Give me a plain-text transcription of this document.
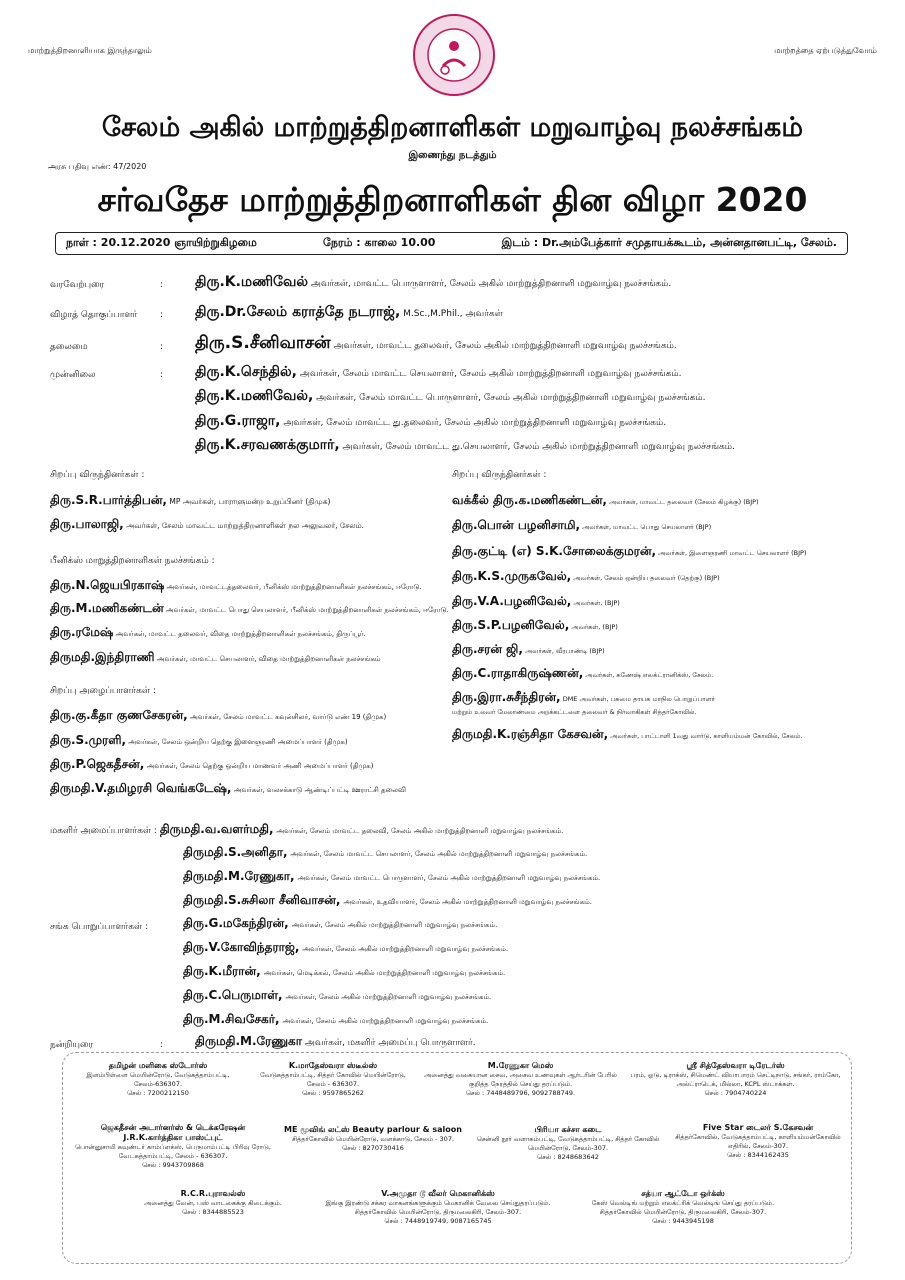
மாற்றுத்திறனாளியாக இருந்தாலும்	மாற்றத்தை ஏற்படுத்துவோம்
சேலம் அகில் மாற்றுத்திறனாளிகள் மறுவாழ்வு நலச்சங்கம்
இணைந்து நடத்தும்
அரசு பதிவு எண்: 47/2020
சர்வதேச மாற்றுத்திறனாளிகள் தின விழா 2020
நாள் : 20.12.2020 ஞாயிற்றுகிழமை	நேரம் : காலை 10.00	இடம் : Dr.அம்பேத்கார் சமுதாயக்கூடம், அன்னதானபட்டி, சேலம்.
வரவேற்புரை	: திரு.K.மணிவேல் அவர்கள், மாவட்ட பொருளாளர், சேலம் அகில் மாற்றுத்திறனாளி மறுவாழ்வு நலச்சங்கம்.
விழாத் தொகுப்பாளர்	: திரு.Dr.சேலம் கராத்தே நடராஜ், M.Sc.,M.Phil., அவர்கள்
தலைமை	: திரு.S.சீனிவாசன் அவர்கள், மாவட்ட தலைவர், சேலம் அகில் மாற்றுத்திறனாளி மறுவாழ்வு நலச்சங்கம்.
முன்னிலை	: திரு.K.செந்தில், அவர்கள், சேலம் மாவட்ட செயலாளர், சேலம் அகில் மாற்றுத்திறனாளி மறுவாழ்வு நலச்சங்கம்.
திரு.K.மணிவேல், அவர்கள், சேலம் மாவட்ட பொருளாளர், சேலம் அகில் மாற்றுத்திறனாளி மறுவாழ்வு நலச்சங்கம்.
திரு.G.ராஜா, அவர்கள், சேலம் மாவட்ட து.தலைவர், சேலம் அகில் மாற்றுத்திறனாளி மறுவாழ்வு நலச்சங்கம்.
திரு.K.சரவணக்குமார், அவர்கள், சேலம் மாவட்ட து.செயலாளர், சேலம் அகில் மாற்றுத்திறனாளி மறுவாழ்வு நலச்சங்கம்.
சிறப்பு விருந்தினர்கள் :
திரு.S.R.பார்த்திபன், MP அவர்கள், பாராளுமன்ற உறுப்பினர் (திமுக)
திரு.பாலாஜி, அவர்கள், சேலம் மாவட்ட மாற்றுத்திறனாளிகள் நல அலுவலர், சேலம்.
பீனிக்ஸ் மாறுத்திறனாளிகள் நலச்சங்கம் :
திரு.N.ஜெயபிரகாஷ் அவர்கள், மாவட்டத்தலைவர், பீனிக்ஸ் மாற்றுத்திறனாளிகள் நலச்சங்கம், ஈரோடு.
திரு.M.மணிகண்டன் அவர்கள், மாவட்ட பொது செயலாளர், பீனிக்ஸ் மாற்றுத்திறனாளிகள் நலச்சங்கம், ஈரோடு.
திரு.ரமேஷ் அவர்கள், மாவட்ட தலைவர், விதை மாற்றுத்திறனாளிகள் நலச்சங்கம், திருப்பூர்.
திருமதி.இந்திராணி அவர்கள், மாவட்ட செயலாளர், விதை மாற்றுத்திறனாளிகள் நலச்சங்கம்
சிறப்பு அழைப்பாளர்கள் :
திரு.கு.கீதா குணசேகரன், அவர்கள், சேலம் மாவட்ட கவுன்சிலர், வார்டு எண் 19 (திமுக)
திரு.S.முரளி, அவர்கள், சேலம் ஒன்றிய தெற்கு இளைஞரணி அமைப்பாளர் (திமுக)
திரு.P.ஜெகதீசன், அவர்கள், சேலம் தெற்கு ஒன்றிய மாணவர் அணி அமைப்பாளர் (திமுக)
திருமதி.V.தமிழரசி வெங்கடேஷ், அவர்கள், வலசக்காடு ஆண்டிப்பட்டி ஊராட்சி தலைவி
சிறப்பு விருந்தினர்கள் :
வக்கீல் திரு.க.மணிகண்டன், அவர்கள், மாவட்ட தலைவர் (சேலம் கிழக்கு) (BJP)
திரு.பொன் பழனிசாமி, அவர்கள், மாவட்ட பொது செயலாளர் (BJP)
திரு.குட்டி (எ) S.K.சோலைக்குமரன், அவர்கள், இளைஞரணி மாவட்ட செயலாளர் (BJP)
திரு.K.S.முருகவேல், அவர்கள், சேலம் ஒன்றிய தலைவர் (தெற்கு) (BJP)
திரு.V.A.பழனிவேல், அவர்கள், (BJP)
திரு.S.P.பழனிவேல், அவர்கள், (BJP)
திரு.சரன் ஜி, அவர்கள், வீரபாண்டி (BJP)
திரு.C.ராதாகிருஷ்ணன், அவர்கள், கணேஷ் எலக்ட்ரானிக்ஸ், சேலம்.
திரு.இரா.சுசீந்திரன், DME அவர்கள், பசுமை தாயக மாநில பொறுப்பாளர்
மற்றும் உலவர் மேலாண்மை அறக்கட்டளை தலைவர் & நிர்வாகிகள் சித்தர்கோவில்.
திருமதி.K.ரஞ்சிதா கேசவன், அவர்கள், பாட்டாளி 1வது வார்டு, காளியம்மன் கோவில், சேலம்.
மகளிர் அமைப்பாளர்கள் : திருமதி.வ.வளர்மதி, அவர்கள், சேலம் மாவட்ட தலைவி, சேலம் அகில் மாற்றுத்திறனாளி மறுவாழ்வு நலச்சங்கம்.
திருமதி.S.அனிதா, அவர்கள், சேலம் மாவட்ட செயலாளர், சேலம் அகில் மாற்றுத்திறனாளி மறுவாழ்வு நலச்சங்கம்.
திருமதி.M.ரேணுகா, அவர்கள், சேலம் மாவட்ட பொருளாளர், சேலம் அகில் மாற்றுத்திறனாளி மறுவாழ்வு நலச்சங்கம்.
திருமதி.S.சுசிலா சீனிவாசன், அவர்கள், உதவியாளர், சேலம் அகில் மாற்றுத்திறனாளி மறுவாழ்வு நலச்சங்கம்.
சங்க பொறுப்பாளர்கள் :	திரு.G.மகேந்திரன், அவர்கள், சேலம் அகில் மாற்றுத்திறனாளி மறுவாழ்வு நலச்சங்கம்.
திரு.V.கோவிந்தராஜ், அவர்கள், சேலம் அகில் மாற்றுத்திறனாளி மறுவாழ்வு நலச்சங்கம்.
திரு.K.மீரான், அவர்கள், மெடிக்கல், சேலம் அகில் மாற்றுத்திறனாளி மறுவாழ்வு நலச்சங்கம்.
திரு.C.பெருமாள், அவர்கள், சேலம் அகில் மாற்றுத்திறனாளி மறுவாழ்வு நலச்சங்கம்.
திரு.M.சிவசேகர், அவர்கள், சேலம் அகில் மாற்றுத்திறனாளி மறுவாழ்வு நலச்சங்கம்.
நன்றியுரை	:	திருமதி.M.ரேணுகா அவர்கள், மகளிர் அமைப்பு பொருளாளர்.
தமிழன் மளிகை ஸ்டோர்ஸ்
இளம்பிள்ளை மெயின்ரோடு, வேடுகத்தாம்பட்டி, சேலம்-636307.
செல் : 7200212150
K.மாதேஸ்வரா ஸ்டீல்ஸ்
வேடுகத்தாம்பட்டி, சித்தர் கோவில் மெயின்ரோடு, சேலம் - 636307.
செல் : 9597865262
M.ரேணுகா மெஸ்
அனைத்து வகையான சைவ, அசைவ உணவுகள் ஆர்டரின் பேரில் குறித்த நேரத்தில் செய்து தரப்படும்.
செல் : 7448489796, 9092788749.
ஸ்ரீ சித்தேஸ்வரா டிரேடர்ஸ்
பரம், ஓடு, டிராக்ஸ், சிமெண்ட் வியாபாரம் செட்டிநாடு, சங்கர், ராம்கோ, அல்ட்ராடெக், மில்லா, KCPL ஸ்டாக்கள்.
செல் : 7904740224
ஜெகதீசன் அடார்னர்ஸ் & டெக்கரேஷன் J.R.K.கார்த்திகா பாஸ்ட்புட்
பொன்னுசாமி கவுண்டர் காம்ப்ளக்ஸ், பெருமாம்பட்டி பிரிவு ரோடு, வேடகத்தாம்பட்டி, சேலம் - 636307.
செல் : 9943709868
ME மூவிங் லட்ஸ் Beauty parlour & saloon
சித்தர்கோவில் மெயின்ரோடு, வளக்காடு, சேலம் - 307.
செல் : 8270730416
பிரியா கச்சா கடை
சென்னி நூர் வளாகம்பட்டி, வேடுகத்தாம்பட்டி, சித்தர் கோவில் மெயின்ரோடு, சேலம்-307.
செல் : 8248683642
Five Star டைலர் S.கேசவன்
சித்தர்கோவில், வேடுகத்தாம்பட்டி, காளியம்மன்கோவில் எதிரில், சேலம்-307.
செல் : 8344162435
R.C.R.புராவல்ஸ்
அனைத்து வேன், பஸ் வாடகைக்கு கிடைக்கும்.
செல் : 8344885523
V.அமுதா டூ வீலர் மெகானிக்ஸ்
இங்கு இரண்டு சக்கர வாகனங்களுக்கும் மெகானிக் வேலை செய்துதரப்படும். சித்தர்கோவில் மெயின்ரோடு, திருமலைகிரி, சேலம்-307.
செல் : 7448919749, 9087165745
சத்யா ஆட்டோ ஒர்க்ஸ்
கேஸ் வெல்டிங் மற்றும் எலக்ட்ரிக் வெல்டிங் செய்து தரப்படும். சித்தர்கோவில் மெயின்ரோடு, திருமலைகிரி, சேலம்-307.
செல் : 9443945198
